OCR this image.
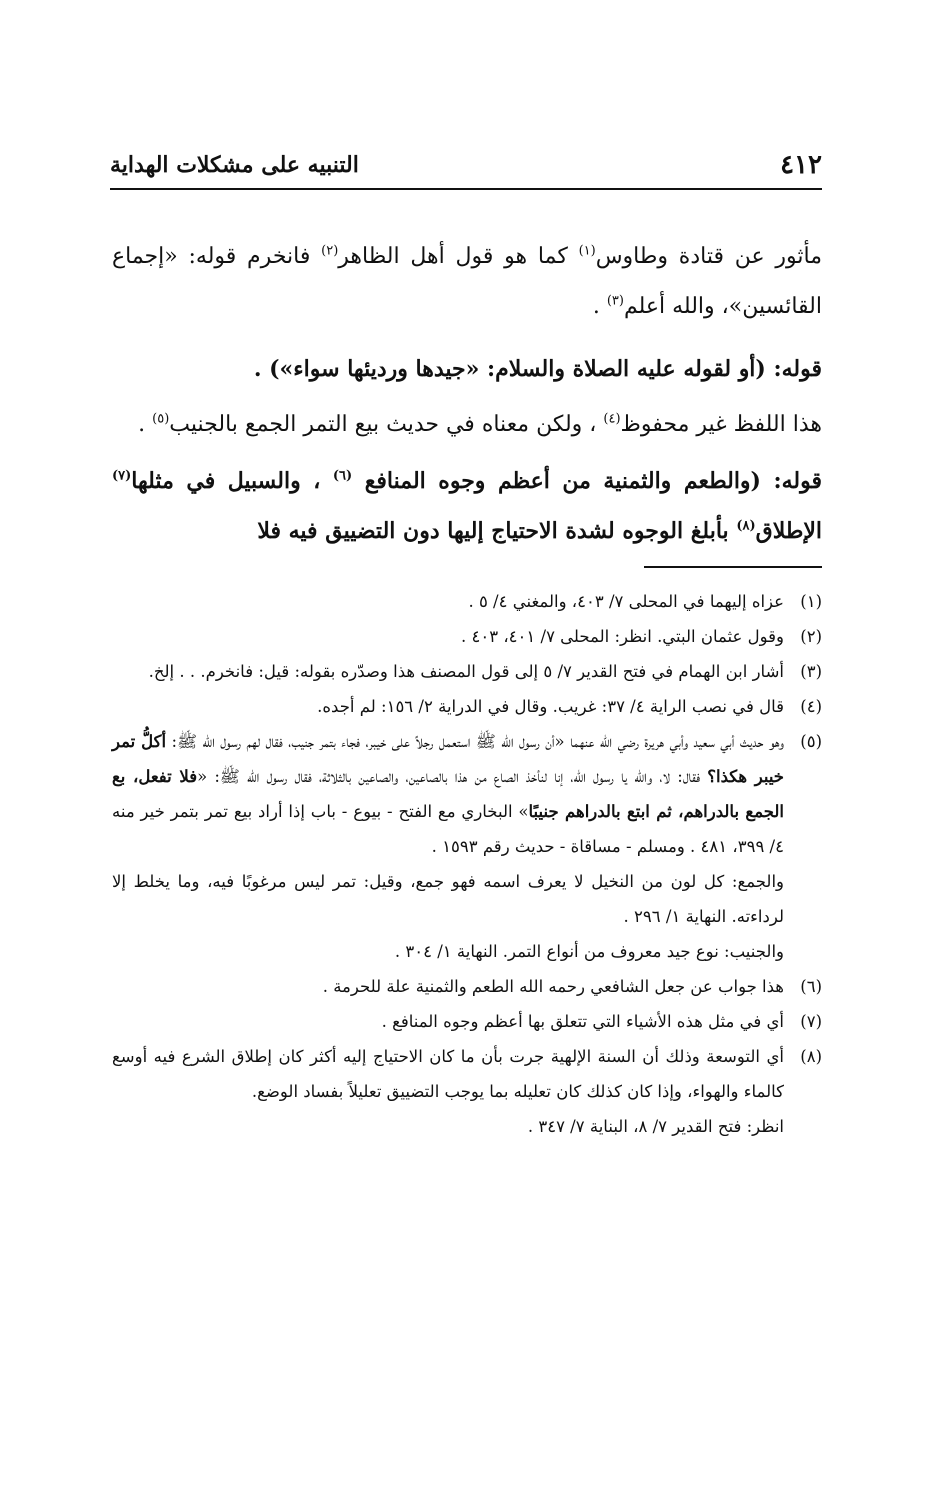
٤١٢
التنبيه على مشكلات الهداية

مأثور عن قتادة وطاوس$^{(١)}$ كما هو قول أهل الظاهر$^{(٢)}$ فانخرم قوله: «إجماع القائسين»، والله أعلم$^{(٣)}$ .

قوله: (أو لقوله عليه الصلاة والسلام: «جيدها ورديئها سواء») .

هذا اللفظ غير محفوظ$^{(٤)}$ ، ولكن معناه في حديث بيع التمر الجمع بالجنيب$^{(٥)}$ .

قوله: (والطعم والثمنية من أعظم وجوه المنافع $^{(٦)}$ ، والسبيل في مثلها$^{(٧)}$ الإطلاق$^{(٨)}$ بأبلغ الوجوه لشدة الاحتياج إليها دون التضييق فيه فلا

(١)
عزاه إليهما في المحلى ٧/ ٤٠٣، والمغني ٤/ ٥ .
(٢)
وقول عثمان البتي. انظر: المحلى ٧/ ٤٠١، ٤٠٣ .
(٣)
أشار ابن الهمام في فتح القدير ٧/ ٥ إلى قول المصنف هذا وصدّره بقوله: قيل: فانخرم. . . إلخ.
(٤)
قال في نصب الراية ٤/ ٣٧: غريب. وقال في الدراية ٢/ ١٥٦: لم أجده.
(٥)
وهو حديث أبي سعيد وأبي هريرة رضي الله عنهما «أن رسول الله ﷺ استعمل رجلاً على خيبر، فجاء بتمر جنيب، فقال لهم رسول الله ﷺ: أكلُّ تمر خيبر هكذا؟ فقال: لا، والله يا رسول الله، إنا لنأخذ الصاع من هذا بالصاعين، والصاعين بالثلاثة، فقال رسول الله ﷺ: «فلا تفعل، بع الجمع بالدراهم، ثم ابتع بالدراهم جنيبًا» البخاري مع الفتح - بيوع - باب إذا أراد بيع تمر بتمر خير منه ٤/ ٣٩٩، ٤٨١ . ومسلم - مساقاة - حديث رقم ١٥٩٣ .
والجمع: كل لون من النخيل لا يعرف اسمه فهو جمع، وقيل: تمر ليس مرغوبًا فيه، وما يخلط إلا لرداءته. النهاية ١/ ٢٩٦ .
والجنيب: نوع جيد معروف من أنواع التمر. النهاية ١/ ٣٠٤ .
(٦)
هذا جواب عن جعل الشافعي رحمه الله الطعم والثمنية علة للحرمة .
(٧)
أي في مثل هذه الأشياء التي تتعلق بها أعظم وجوه المنافع .
(٨)
أي التوسعة وذلك أن السنة الإلهية جرت بأن ما كان الاحتياج إليه أكثر كان إطلاق الشرع فيه أوسع كالماء والهواء، وإذا كان كذلك كان تعليله بما يوجب التضييق تعليلاً بفساد الوضع.
انظر: فتح القدير ٧/ ٨، البناية ٧/ ٣٤٧ .
